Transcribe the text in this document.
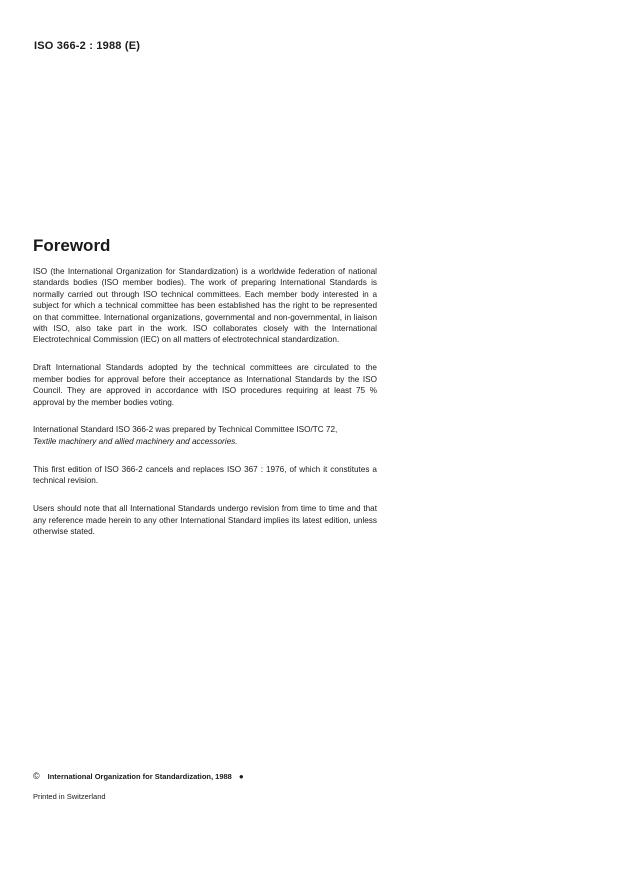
ISO 366-2 : 1988 (E)
Foreword

ISO (the International Organization for Standardization) is a worldwide federation of national standards bodies (ISO member bodies). The work of preparing International Standards is normally carried out through ISO technical committees. Each member body interested in a subject for which a technical committee has been established has the right to be represented on that committee. International organizations, governmental and non-governmental, in liaison with ISO, also take part in the work. ISO collaborates closely with the International Electrotechnical Commission (IEC) on all matters of electrotechnical standardization.

Draft International Standards adopted by the technical committees are circulated to the member bodies for approval before their acceptance as International Standards by the ISO Council. They are approved in accordance with ISO procedures requiring at least 75 % approval by the member bodies voting.

International Standard ISO 366-2 was prepared by Technical Committee ISO/TC 72,
Textile machinery and allied machinery and accessories.

This first edition of ISO 366-2 cancels and replaces ISO 367 : 1976, of which it constitutes a technical revision.

Users should note that all International Standards undergo revision from time to time and that any reference made herein to any other International Standard implies its latest edition, unless otherwise stated.

© International Organization for Standardization, 1988 ●
Printed in Switzerland
